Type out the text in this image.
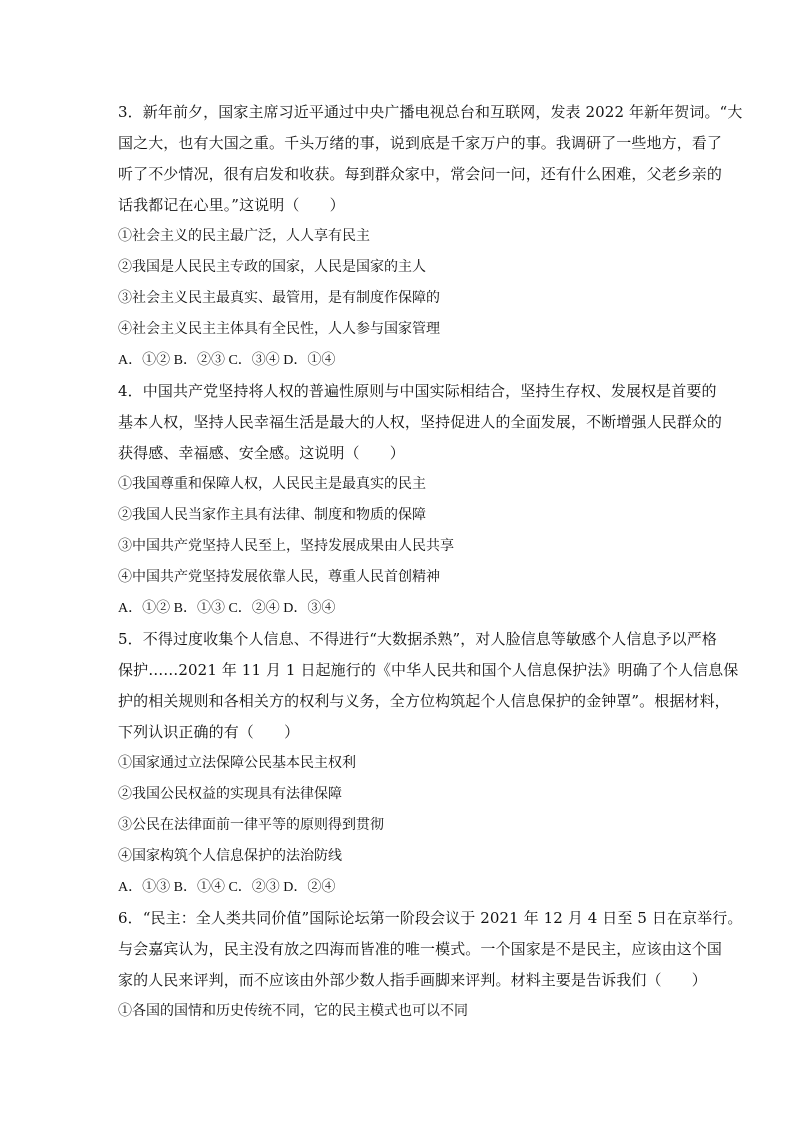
3．新年前夕，国家主席习近平通过中央广播电视总台和互联网，发表 2022 年新年贺词。“大
国之大，也有大国之重。千头万绪的事，说到底是千家万户的事。我调研了一些地方，看了
听了不少情况，很有启发和收获。每到群众家中，常会问一问，还有什么困难，父老乡亲的
话我都记在心里。”这说明（　　）
①社会主义的民主最广泛，人人享有民主
②我国是人民民主专政的国家，人民是国家的主人
③社会主义民主最真实、最管用，是有制度作保障的
④社会主义民主主体具有全民性，人人参与国家管理
A．①② B．②③ C．③④ D．①④
4．中国共产党坚持将人权的普遍性原则与中国实际相结合，坚持生存权、发展权是首要的
基本人权，坚持人民幸福生活是最大的人权，坚持促进人的全面发展，不断增强人民群众的
获得感、幸福感、安全感。这说明（　　）
①我国尊重和保障人权，人民民主是最真实的民主
②我国人民当家作主具有法律、制度和物质的保障
③中国共产党坚持人民至上，坚持发展成果由人民共享
④中国共产党坚持发展依靠人民，尊重人民首创精神
A．①② B．①③ C．②④ D．③④
5．不得过度收集个人信息、不得进行“大数据杀熟”，对人脸信息等敏感个人信息予以严格
保护……2021 年 11 月 1 日起施行的《中华人民共和国个人信息保护法》明确了个人信息保
护的相关规则和各相关方的权利与义务，全方位构筑起个人信息保护的金钟罩”。根据材料，
下列认识正确的有（　　）
①国家通过立法保障公民基本民主权利
②我国公民权益的实现具有法律保障
③公民在法律面前一律平等的原则得到贯彻
④国家构筑个人信息保护的法治防线
A．①③ B．①④ C．②③ D．②④
6．“民主：全人类共同价值”国际论坛第一阶段会议于 2021 年 12 月 4 日至 5 日在京举行。
与会嘉宾认为，民主没有放之四海而皆准的唯一模式。一个国家是不是民主，应该由这个国
家的人民来评判，而不应该由外部少数人指手画脚来评判。材料主要是告诉我们（　　）
①各国的国情和历史传统不同，它的民主模式也可以不同
